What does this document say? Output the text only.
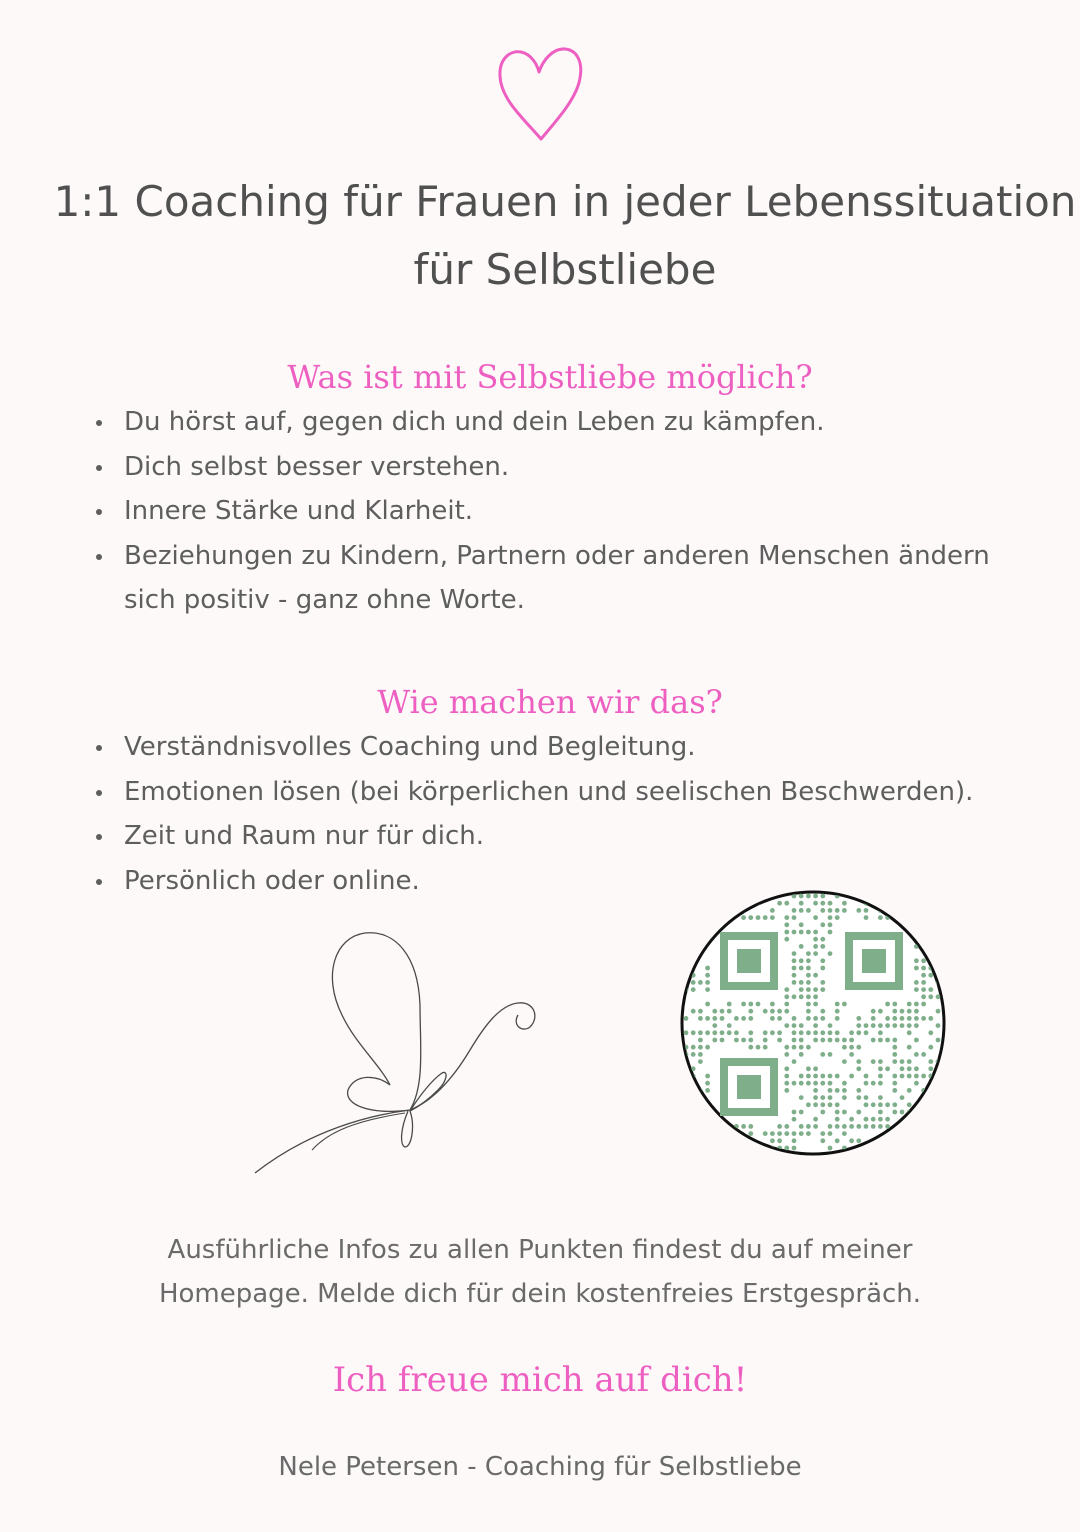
1:1 Coaching für Frauen in jeder Lebenssituation
für Selbstliebe
Was ist mit Selbstliebe möglich?
Du hörst auf, gegen dich und dein Leben zu kämpfen.
Dich selbst besser verstehen.
Innere Stärke und Klarheit.
Beziehungen zu Kindern, Partnern oder anderen Menschen ändern
sich positiv - ganz ohne Worte.
Wie machen wir das?
Verständnisvolles Coaching und Begleitung.
Emotionen lösen (bei körperlichen und seelischen Beschwerden).
Zeit und Raum nur für dich.
Persönlich oder online.
Ausführliche Infos zu allen Punkten findest du auf meiner
Homepage. Melde dich für dein kostenfreies Erstgespräch.
Ich freue mich auf dich!
Nele Petersen - Coaching für Selbstliebe
